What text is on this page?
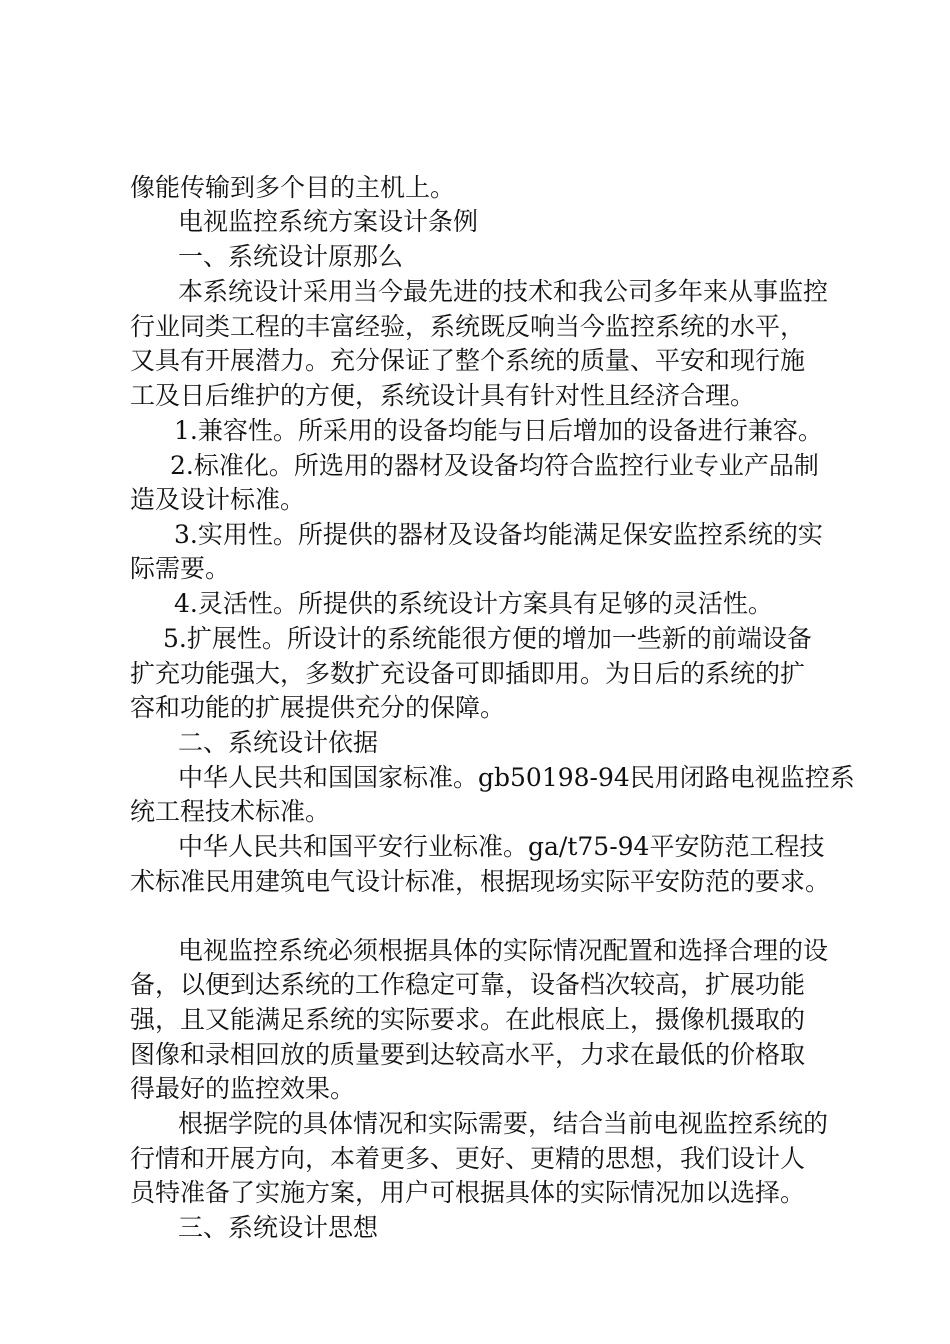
像能传输到多个目的主机上。
电视监控系统方案设计条例
一、系统设计原那么
本系统设计采用当今最先进的技术和我公司多年来从事监控
行业同类工程的丰富经验，系统既反响当今监控系统的水平，
又具有开展潜力。充分保证了整个系统的质量、平安和现行施
工及日后维护的方便，系统设计具有针对性且经济合理。
1.兼容性。所采用的设备均能与日后增加的设备进行兼容。
2.标准化。所选用的器材及设备均符合监控行业专业产品制
造及设计标准。
3.实用性。所提供的器材及设备均能满足保安监控系统的实
际需要。
4.灵活性。所提供的系统设计方案具有足够的灵活性。
5.扩展性。所设计的系统能很方便的增加一些新的前端设备
扩充功能强大，多数扩充设备可即插即用。为日后的系统的扩
容和功能的扩展提供充分的保障。
二、系统设计依据
中华人民共和国国家标准。gb50198-94民用闭路电视监控系
统工程技术标准。
中华人民共和国平安行业标准。ga/t75-94平安防范工程技
术标准民用建筑电气设计标准，根据现场实际平安防范的要求。
电视监控系统必须根据具体的实际情况配置和选择合理的设
备，以便到达系统的工作稳定可靠，设备档次较高，扩展功能
强，且又能满足系统的实际要求。在此根底上，摄像机摄取的
图像和录相回放的质量要到达较高水平，力求在最低的价格取
得最好的监控效果。
根据学院的具体情况和实际需要，结合当前电视监控系统的
行情和开展方向，本着更多、更好、更精的思想，我们设计人
员特准备了实施方案，用户可根据具体的实际情况加以选择。
三、系统设计思想
